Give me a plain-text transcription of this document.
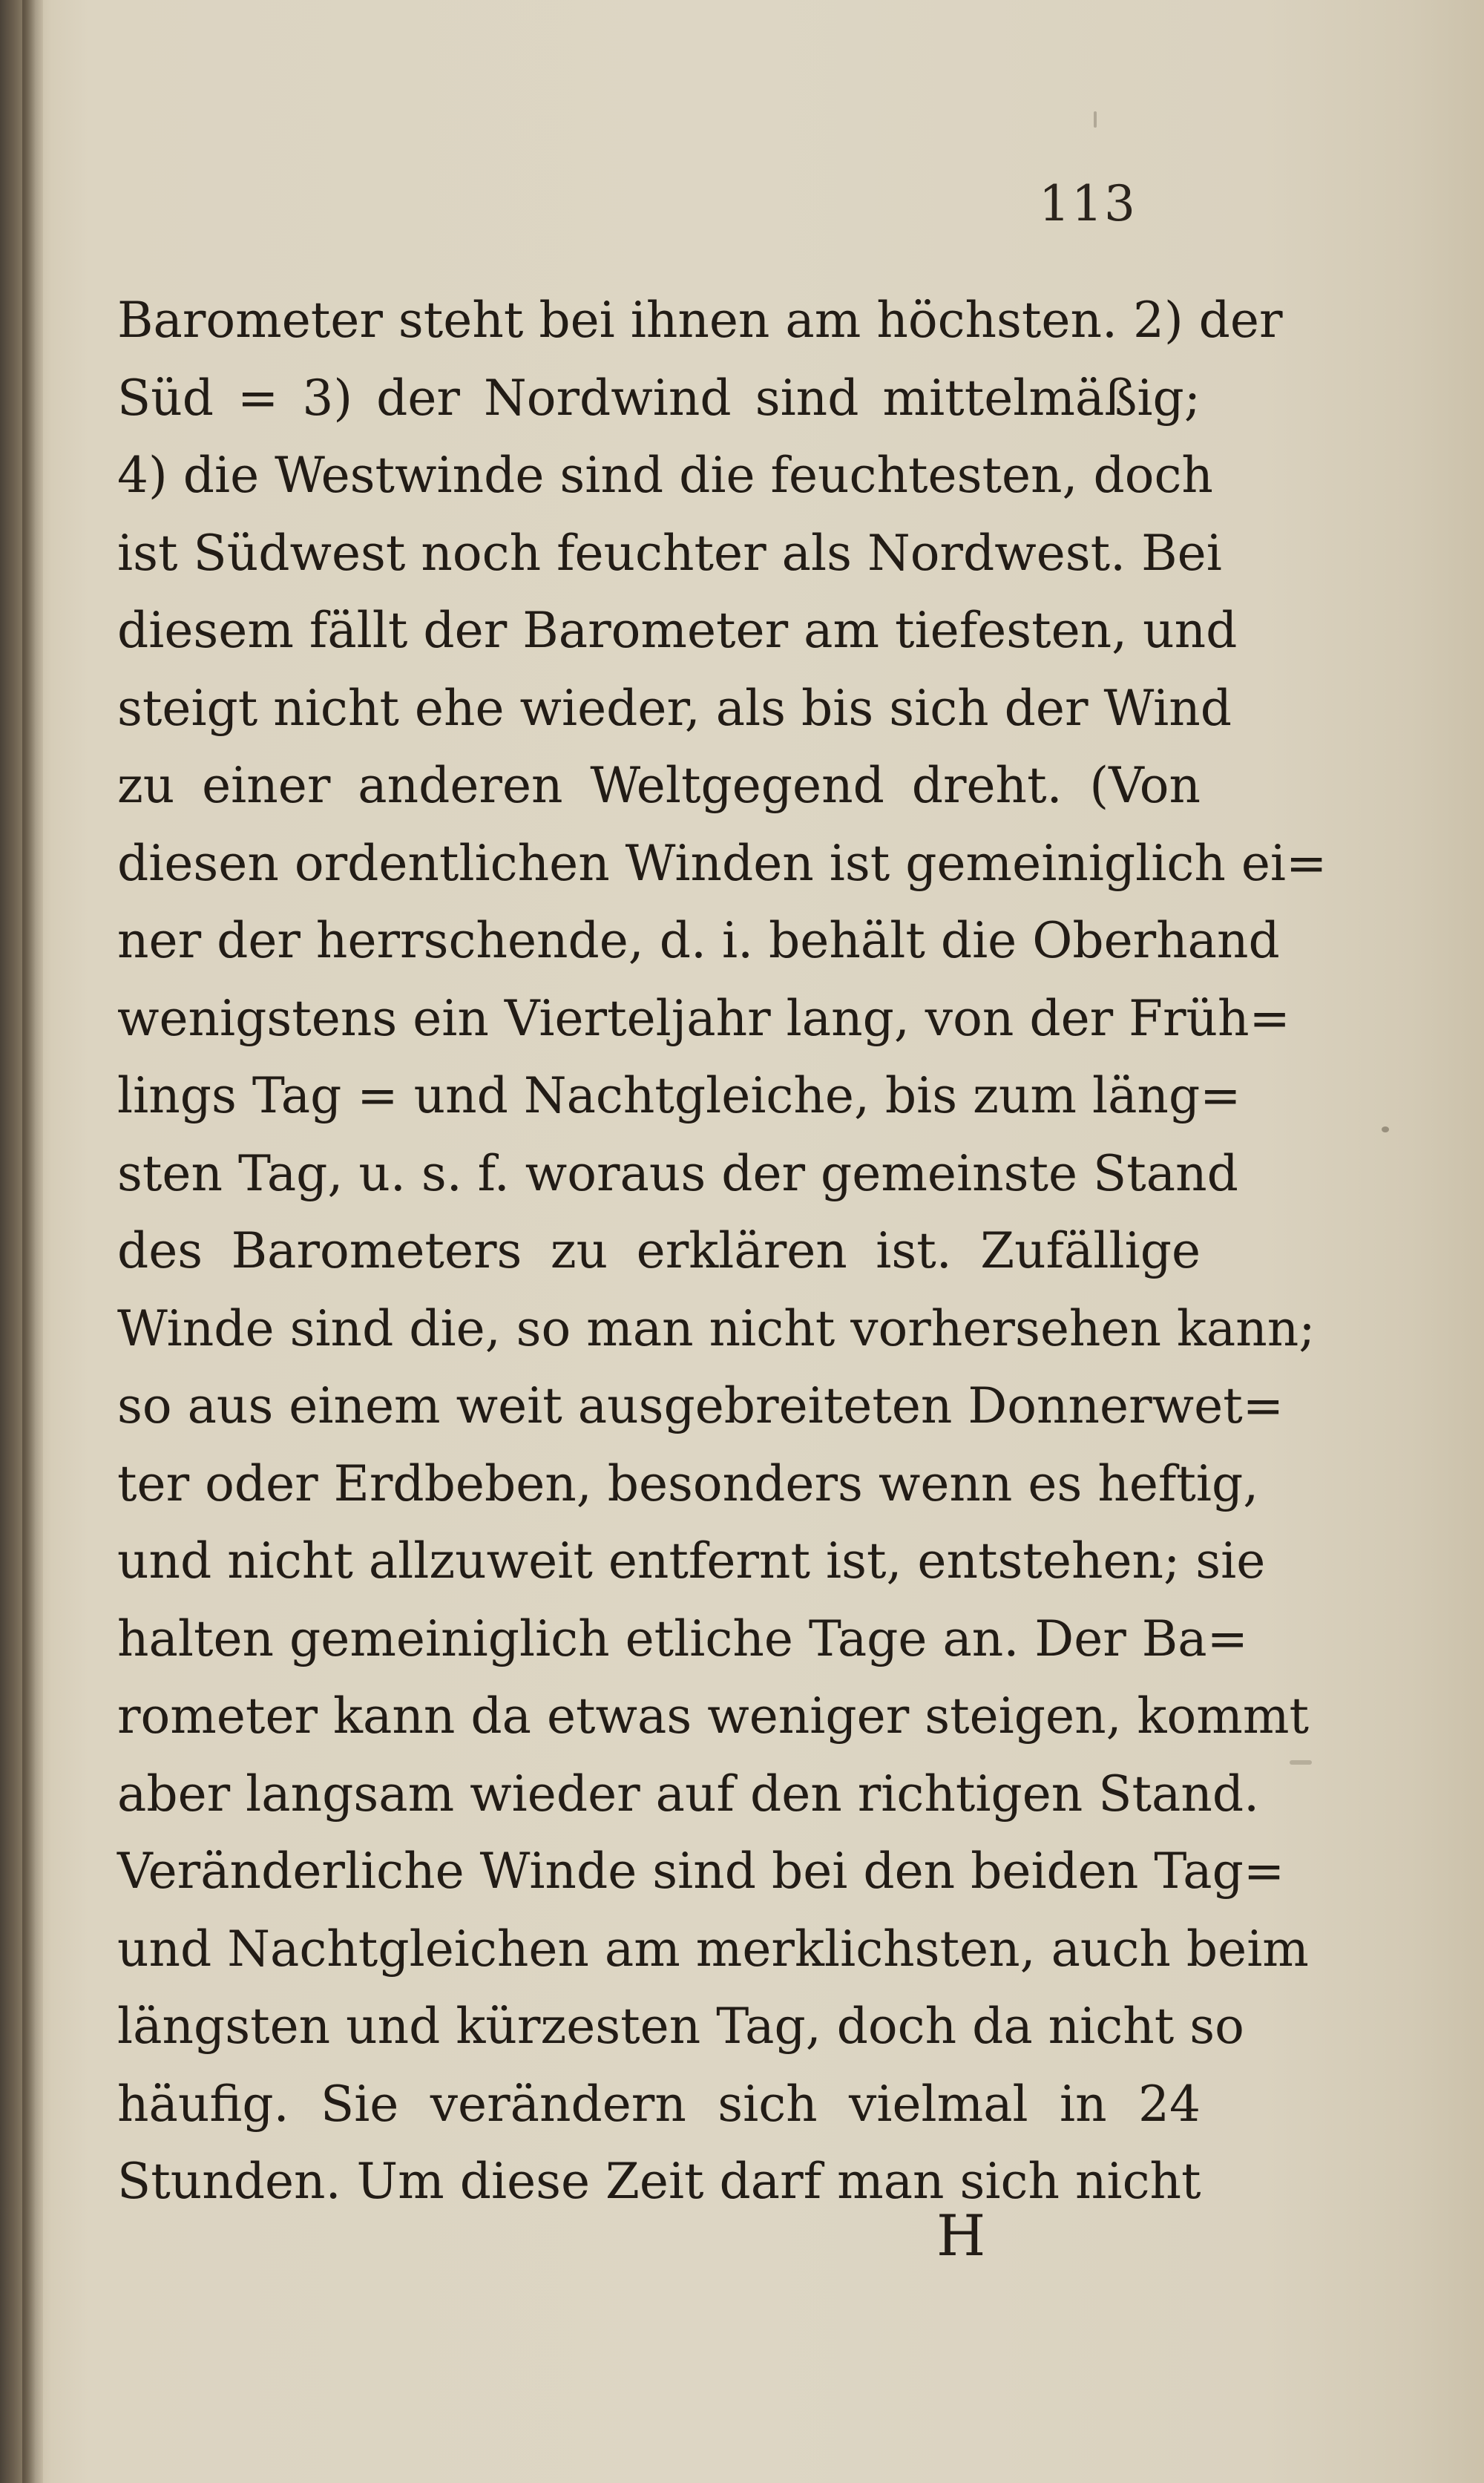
113
Barometer steht bei ihnen am höchsten. 2) der
Süd = 3) der Nordwind sind mittelmäßig;
4) die Westwinde sind die feuchtesten, doch
ist Südwest noch feuchter als Nordwest. Bei
diesem fällt der Barometer am tiefesten, und
steigt nicht ehe wieder, als bis sich der Wind
zu einer anderen Weltgegend dreht. (Von
diesen ordentlichen Winden ist gemeiniglich ei=
ner der herrschende, d. i. behält die Oberhand
wenigstens ein Vierteljahr lang, von der Früh=
lings Tag = und Nachtgleiche, bis zum läng=
sten Tag, u. s. f. woraus der gemeinste Stand
des Barometers zu erklären ist. Zufällige
Winde sind die, so man nicht vorhersehen kann;
so aus einem weit ausgebreiteten Donnerwet=
ter oder Erdbeben, besonders wenn es heftig,
und nicht allzuweit entfernt ist, entstehen; sie
halten gemeiniglich etliche Tage an. Der Ba=
rometer kann da etwas weniger steigen, kommt
aber langsam wieder auf den richtigen Stand.
Veränderliche Winde sind bei den beiden Tag=
und Nachtgleichen am merklichsten, auch beim
längsten und kürzesten Tag, doch da nicht so
häufig. Sie verändern sich vielmal in 24
Stunden. Um diese Zeit darf man sich nicht
H
